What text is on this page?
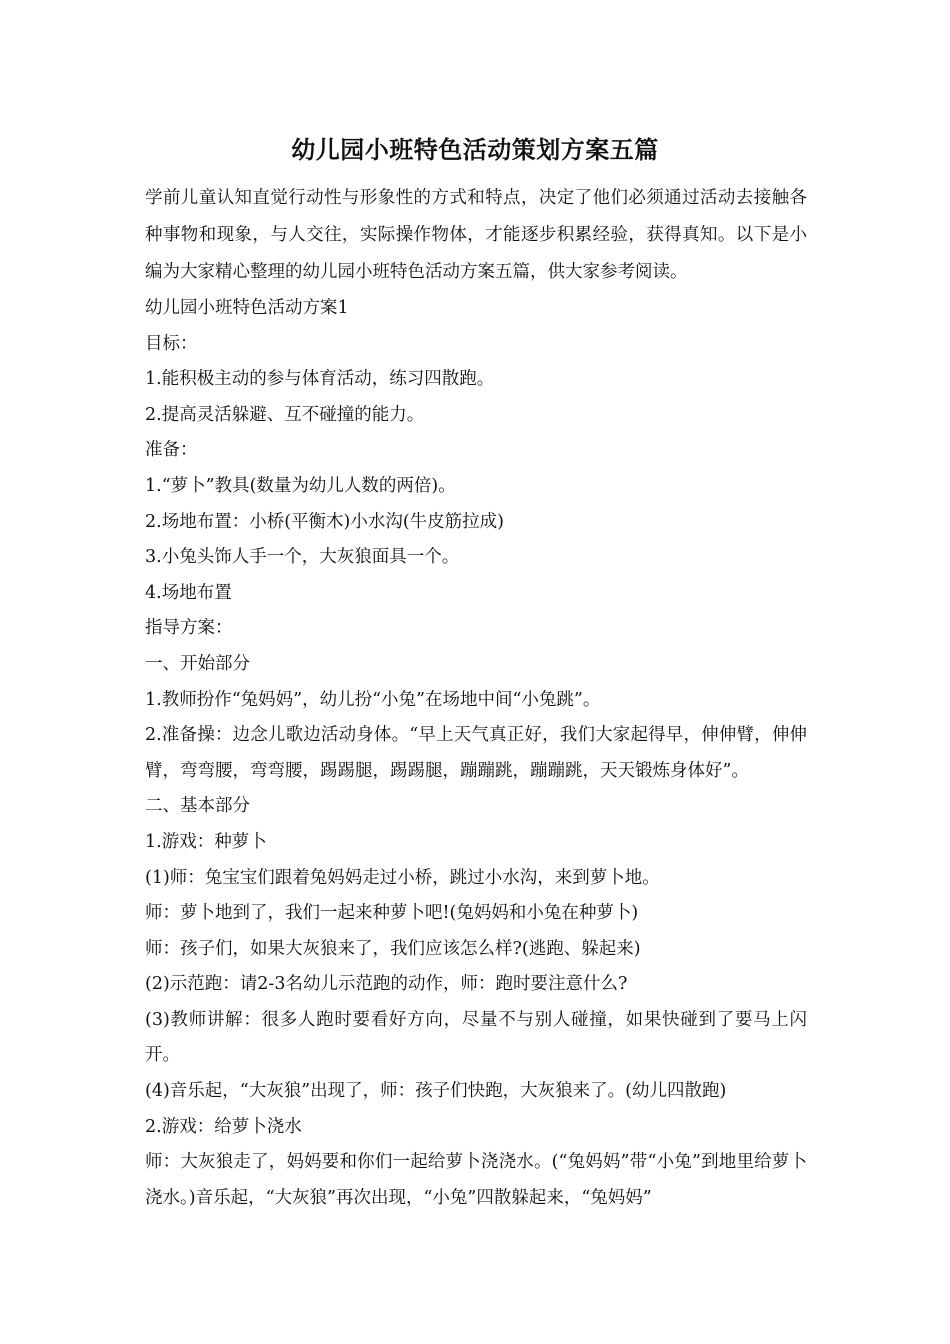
幼儿园小班特色活动策划方案五篇

学前儿童认知直觉行动性与形象性的方式和特点，决定了他们必须通过活动去接触各种事物和现象，与人交往，实际操作物体，才能逐步积累经验，获得真知。以下是小编为大家精心整理的幼儿园小班特色活动方案五篇，供大家参考阅读。

幼儿园小班特色活动方案1

目标：

1.能积极主动的参与体育活动，练习四散跑。

2.提高灵活躲避、互不碰撞的能力。

准备：

1.“萝卜”教具(数量为幼儿人数的两倍)。

2.场地布置：小桥(平衡木)小水沟(牛皮筋拉成)

3.小兔头饰人手一个，大灰狼面具一个。

4.场地布置

指导方案：

一、开始部分

1.教师扮作“兔妈妈”，幼儿扮“小兔”在场地中间“小兔跳”。

2.准备操：边念儿歌边活动身体。“早上天气真正好，我们大家起得早，伸伸臂，伸伸臂，弯弯腰，弯弯腰，踢踢腿，踢踢腿，蹦蹦跳，蹦蹦跳，天天锻炼身体好”。

二、基本部分

1.游戏：种萝卜

(1)师：兔宝宝们跟着兔妈妈走过小桥，跳过小水沟，来到萝卜地。

师：萝卜地到了，我们一起来种萝卜吧!(兔妈妈和小兔在种萝卜)

师：孩子们，如果大灰狼来了，我们应该怎么样?(逃跑、躲起来)

(2)示范跑：请2-3名幼儿示范跑的动作，师：跑时要注意什么?

(3)教师讲解：很多人跑时要看好方向，尽量不与别人碰撞，如果快碰到了要马上闪开。

(4)音乐起，“大灰狼”出现了，师：孩子们快跑，大灰狼来了。(幼儿四散跑)

2.游戏：给萝卜浇水

师：大灰狼走了，妈妈要和你们一起给萝卜浇浇水。(“兔妈妈”带“小兔”到地里给萝卜浇水。)音乐起，“大灰狼”再次出现，“小兔”四散躲起来，“兔妈妈”
